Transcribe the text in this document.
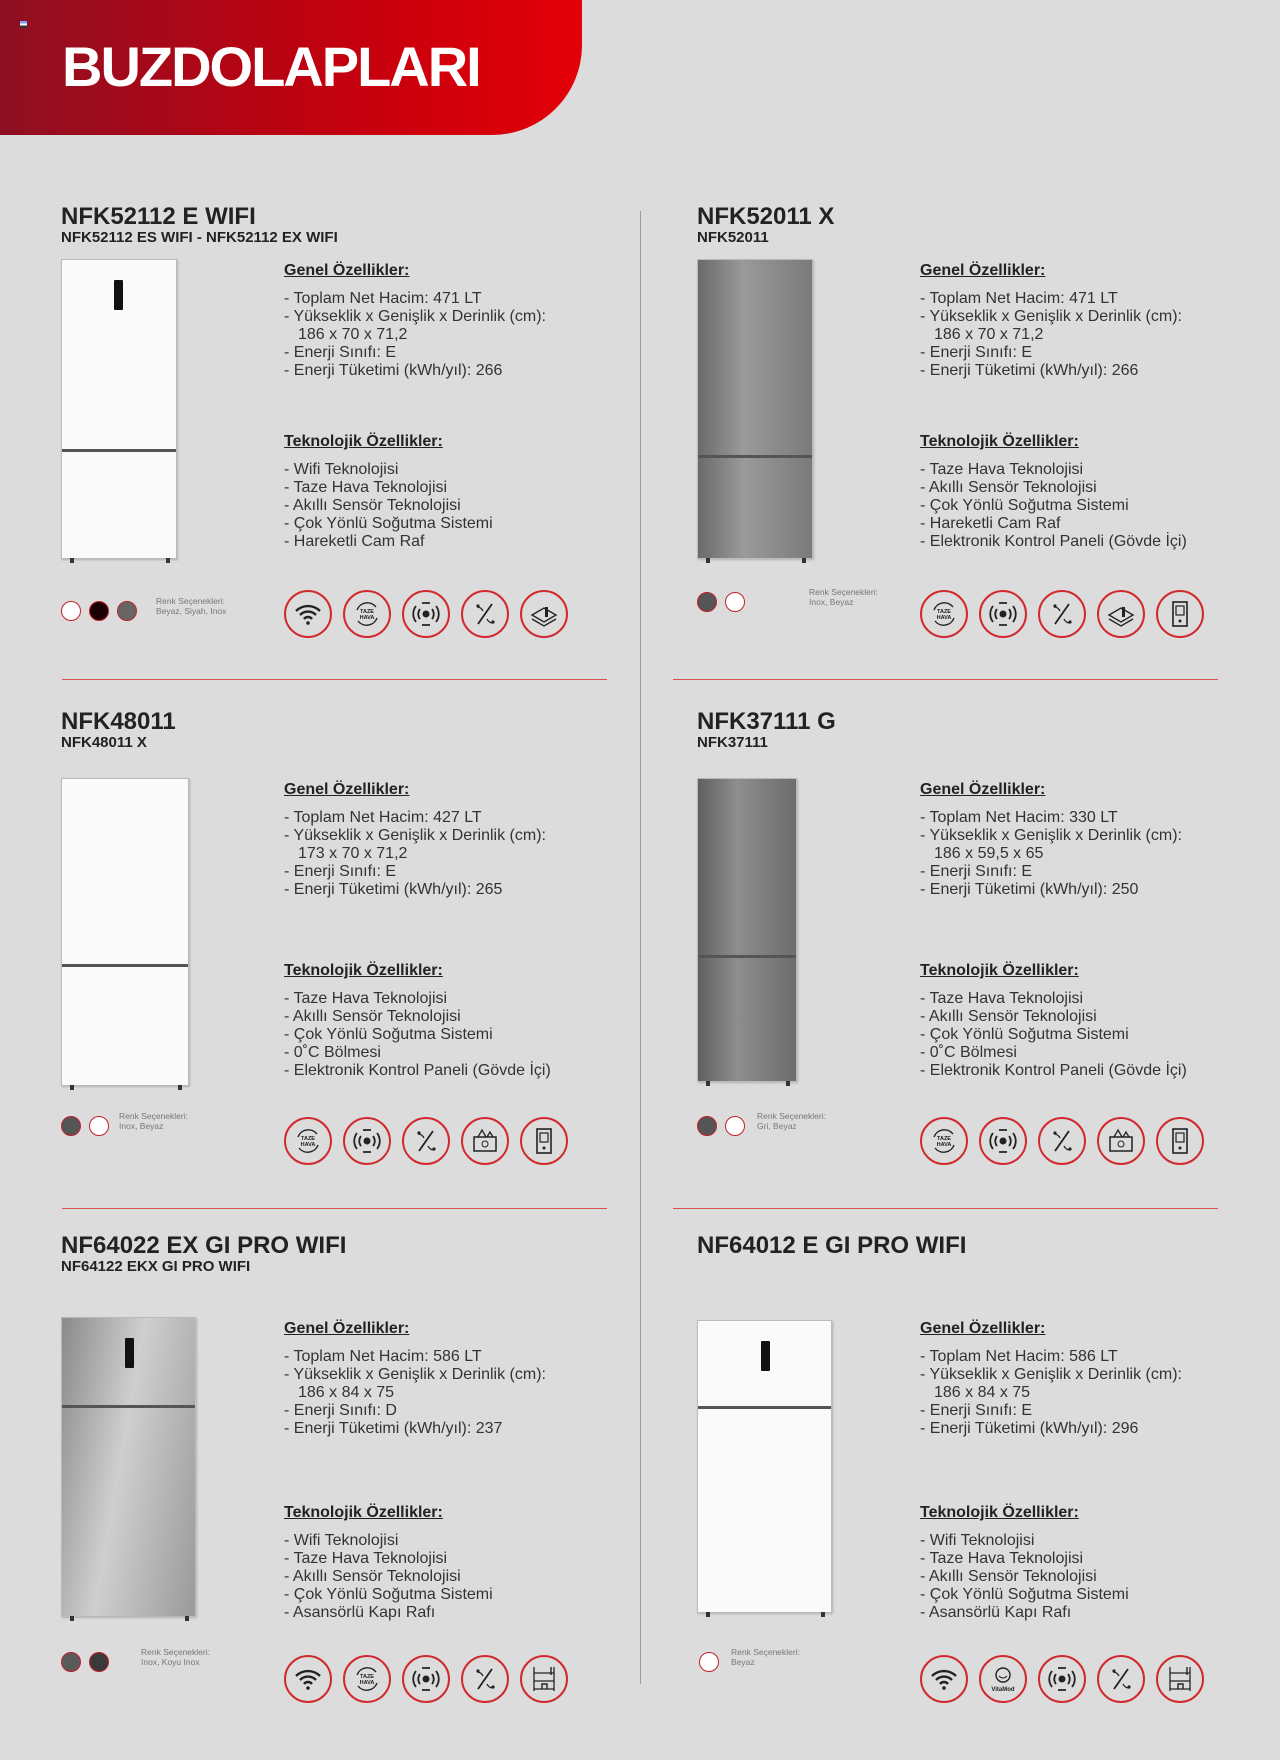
BUZDOLAPLARI
NFK52112 E WIFI
NFK52112 ES WIFI - NFK52112 EX WIFI
Genel Özellikler:
- Toplam Net Hacim: 471 LT
- Yükseklik x Genişlik x Derinlik (cm):
186 x 70 x 71,2
- Enerji Sınıfı: E
- Enerji Tüketimi (kWh/yıl): 266
Teknolojik Özellikler:
- Wifi Teknolojisi
- Taze Hava Teknolojisi
- Akıllı Sensör Teknolojisi
- Çok Yönlü Soğutma Sistemi
- Hareketli Cam Raf
Renk Seçenekleri:
Beyaz, Siyah, Inox	TAZE
HAVA
NFK52011 X
NFK52011
Genel Özellikler:
- Toplam Net Hacim: 471 LT
- Yükseklik x Genişlik x Derinlik (cm):
186 x 70 x 71,2
- Enerji Sınıfı: E
- Enerji Tüketimi (kWh/yıl): 266
Teknolojik Özellikler:
- Taze Hava Teknolojisi
- Akıllı Sensör Teknolojisi
- Çok Yönlü Soğutma Sistemi
- Hareketli Cam Raf
- Elektronik Kontrol Paneli (Gövde İçi)
Renk Seçenekleri:
Inox, Beyaz
TAZE
HAVA
NFK48011
NFK48011 X
Genel Özellikler:
- Toplam Net Hacim: 427 LT
- Yükseklik x Genişlik x Derinlik (cm):
173 x 70 x 71,2
- Enerji Sınıfı: E
- Enerji Tüketimi (kWh/yıl): 265
Teknolojik Özellikler:
- Taze Hava Teknolojisi
- Akıllı Sensör Teknolojisi
- Çok Yönlü Soğutma Sistemi
- 0˚C Bölmesi
- Elektronik Kontrol Paneli (Gövde İçi)
Renk Seçenekleri:
Inox, Beyaz
TAZE
HAVA
NFK37111 G
NFK37111
Genel Özellikler:
- Toplam Net Hacim: 330 LT
- Yükseklik x Genişlik x Derinlik (cm):
186 x 59,5 x 65
- Enerji Sınıfı: E
- Enerji Tüketimi (kWh/yıl): 250
Teknolojik Özellikler:
- Taze Hava Teknolojisi
- Akıllı Sensör Teknolojisi
- Çok Yönlü Soğutma Sistemi
- 0˚C Bölmesi
- Elektronik Kontrol Paneli (Gövde İçi)
Renk Seçenekleri:
Gri, Beyaz
TAZE
HAVA
NF64022 EX GI PRO WIFI
NF64122 EKX GI PRO WIFI
Genel Özellikler:
- Toplam Net Hacim: 586 LT
- Yükseklik x Genişlik x Derinlik (cm):
186 x 84 x 75
- Enerji Sınıfı: D
- Enerji Tüketimi (kWh/yıl): 237
Teknolojik Özellikler:
- Wifi Teknolojisi
- Taze Hava Teknolojisi
- Akıllı Sensör Teknolojisi
- Çok Yönlü Soğutma Sistemi
- Asansörlü Kapı Rafı
Renk Seçenekleri:
Inox, Koyu Inox
TAZE
HAVA
NF64012 E GI PRO WIFI
Genel Özellikler:
- Toplam Net Hacim: 586 LT
- Yükseklik x Genişlik x Derinlik (cm):
186 x 84 x 75
- Enerji Sınıfı: E
- Enerji Tüketimi (kWh/yıl): 296
Teknolojik Özellikler:
- Wifi Teknolojisi
- Taze Hava Teknolojisi
- Akıllı Sensör Teknolojisi
- Çok Yönlü Soğutma Sistemi
- Asansörlü Kapı Rafı
Renk Seçenekleri:
Beyaz
VitaMod
